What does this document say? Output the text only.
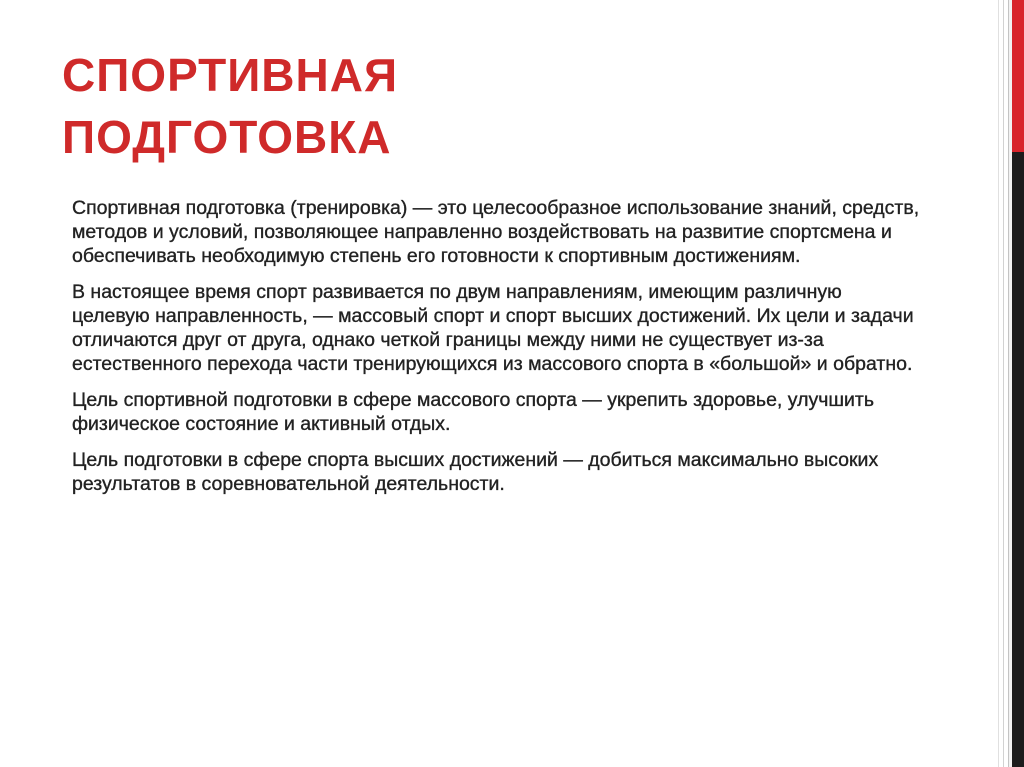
СПОРТИВНАЯ
ПОДГОТОВКА

Спортивная подготовка (тренировка) — это целесообразное использование знаний, средств, методов и условий, позволяющее направленно воздействовать на развитие спортсмена и обеспечивать необходимую степень его готовности к спортивным достижениям.

В настоящее время спорт развивается по двум направлениям, имеющим различную целевую направленность, — массовый спорт и спорт высших достижений. Их цели и задачи отличаются друг от друга, однако четкой границы между ними не существует из-за естественного перехода части тренирующихся из массового спорта в «большой» и обратно.

Цель спортивной подготовки в сфере массового спорта — укрепить здоровье, улучшить физическое состояние и активный отдых.

Цель подготовки в сфере спорта высших достижений — добиться максимально высоких результатов в соревновательной деятельности.
